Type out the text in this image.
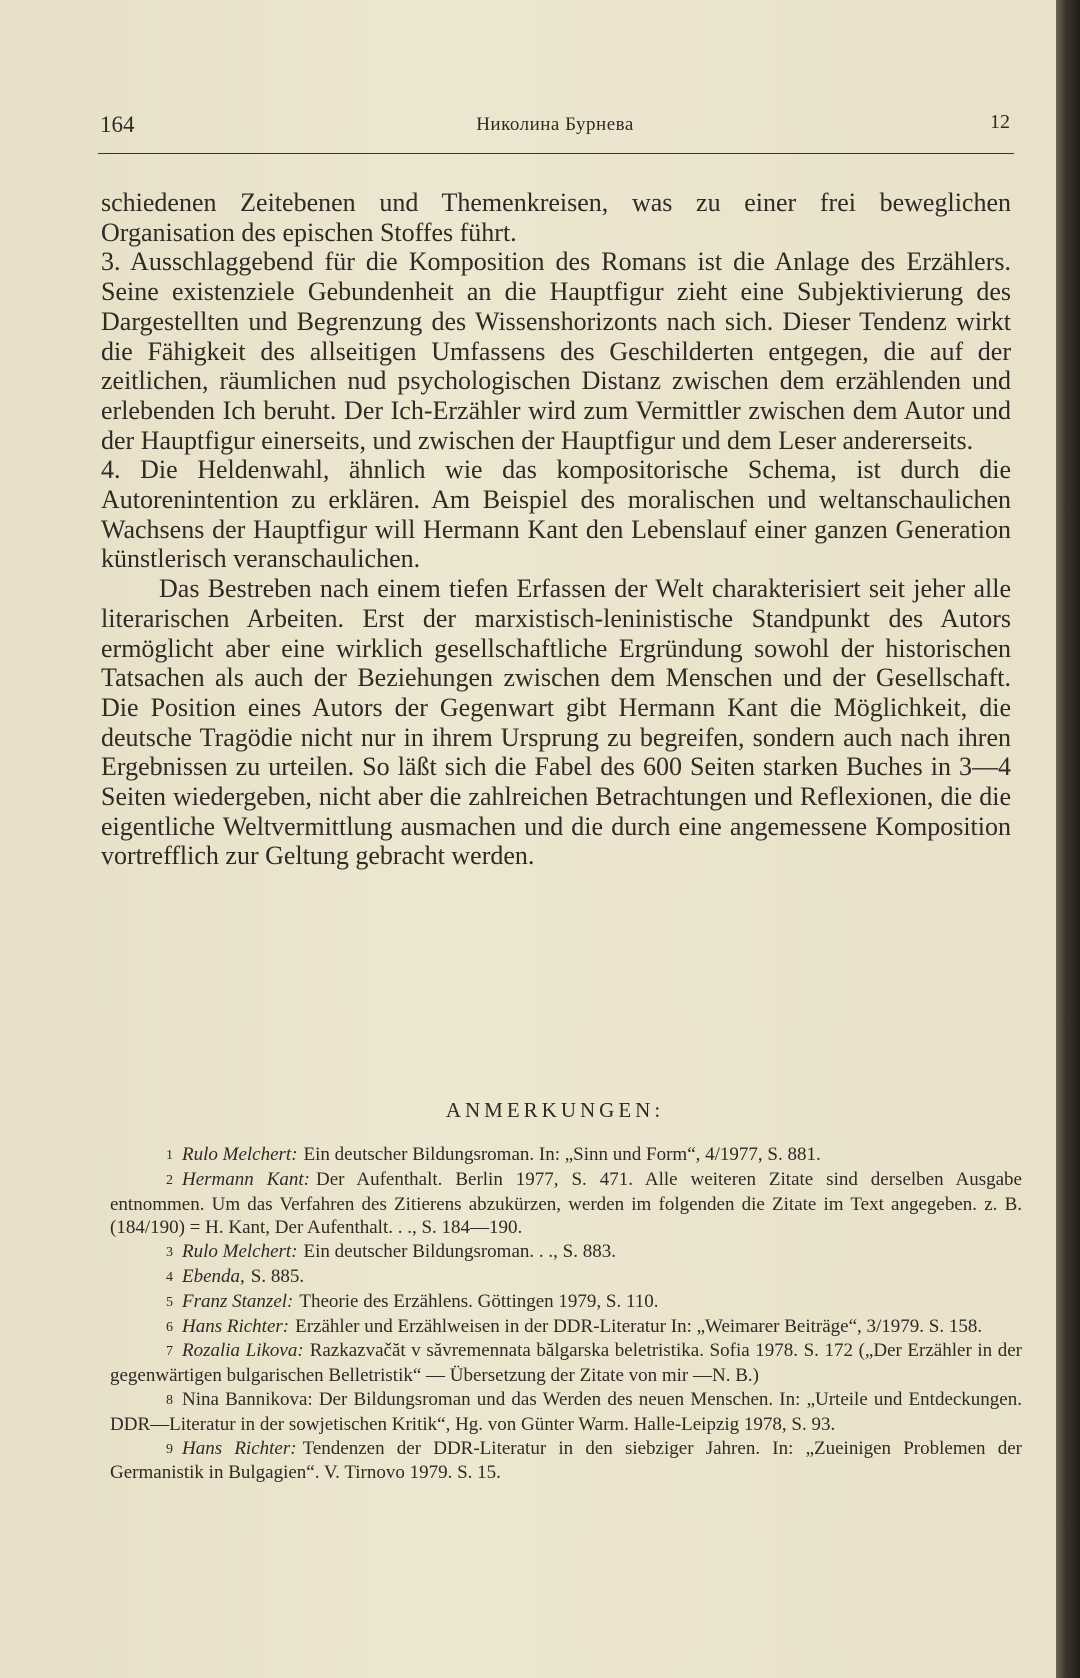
164	Николина Бурнева	12

schiedenen Zeitebenen und Themenkreisen, was zu einer frei beweglichen Organisation des epischen Stoffes führt.

3. Ausschlaggebend für die Komposition des Romans ist die Anlage des Erzählers. Seine existenziele Gebundenheit an die Hauptfigur zieht eine Subjektivierung des Dargestellten und Begrenzung des Wissenshorizonts nach sich. Dieser Tendenz wirkt die Fähigkeit des allseitigen Umfassens des Geschilderten entgegen, die auf der zeitlichen, räumlichen nud psychologischen Distanz zwischen dem erzählenden und erlebenden Ich beruht. Der Ich-Erzähler wird zum Vermittler zwischen dem Autor und der Hauptfigur einerseits, und zwischen der Hauptfigur und dem Leser andererseits.

4. Die Heldenwahl, ähnlich wie das kompositorische Schema, ist durch die Autorenintention zu erklären. Am Beispiel des moralischen und weltanschaulichen Wachsens der Hauptfigur will Hermann Kant den Lebenslauf einer ganzen Generation künstlerisch veranschaulichen.

Das Bestreben nach einem tiefen Erfassen der Welt charakterisiert seit jeher alle literarischen Arbeiten. Erst der marxistisch-leninistische Standpunkt des Autors ermöglicht aber eine wirklich gesellschaftliche Ergründung sowohl der historischen Tatsachen als auch der Beziehungen zwischen dem Menschen und der Gesellschaft. Die Position eines Autors der Gegenwart gibt Hermann Kant die Möglichkeit, die deutsche Tragödie nicht nur in ihrem Ursprung zu begreifen, sondern auch nach ihren Ergebnissen zu urteilen. So läßt sich die Fabel des 600 Seiten starken Buches in 3—4 Seiten wiedergeben, nicht aber die zahlreichen Betrachtungen und Reflexionen, die die eigentliche Weltvermittlung ausmachen und die durch eine angemessene Komposition vortrefflich zur Geltung gebracht werden.

ANMERKUNGEN:

1 Rulo Melchert: Ein deutscher Bildungsroman. In: „Sinn und Form“, 4/1977, S. 881.

2 Hermann Kant: Der Aufenthalt. Berlin 1977, S. 471. Alle weiteren Zitate sind derselben Ausgabe entnommen. Um das Verfahren des Zitierens abzukürzen, werden im folgenden die Zitate im Text angegeben. z. B. (184/190) = H. Kant, Der Aufenthalt. . ., S. 184—190.

3 Rulo Melchert: Ein deutscher Bildungsroman. . ., S. 883.

4 Ebenda, S. 885.

5 Franz Stanzel: Theorie des Erzählens. Göttingen 1979, S. 110.

6 Hans Richter: Erzähler und Erzählweisen in der DDR-Literatur In: „Weimarer Beiträge“, 3/1979. S. 158.

7 Rozalia Likova: Razkazvačăt v săvremennata bălgarska beletristika. Sofia 1978. S. 172 („Der Erzähler in der gegenwärtigen bulgarischen Belletristik“ — Übersetzung der Zitate von mir —N. B.)

8 Nina Bannikova: Der Bildungsroman und das Werden des neuen Menschen. In: „Urteile und Entdeckungen. DDR—Literatur in der sowjetischen Kritik“, Hg. von Günter Warm. Halle-Leipzig 1978, S. 93.

9 Hans Richter: Tendenzen der DDR-Literatur in den siebziger Jahren. In: „Zueinigen Problemen der Germanistik in Bulgagien“. V. Tirnovo 1979. S. 15.
